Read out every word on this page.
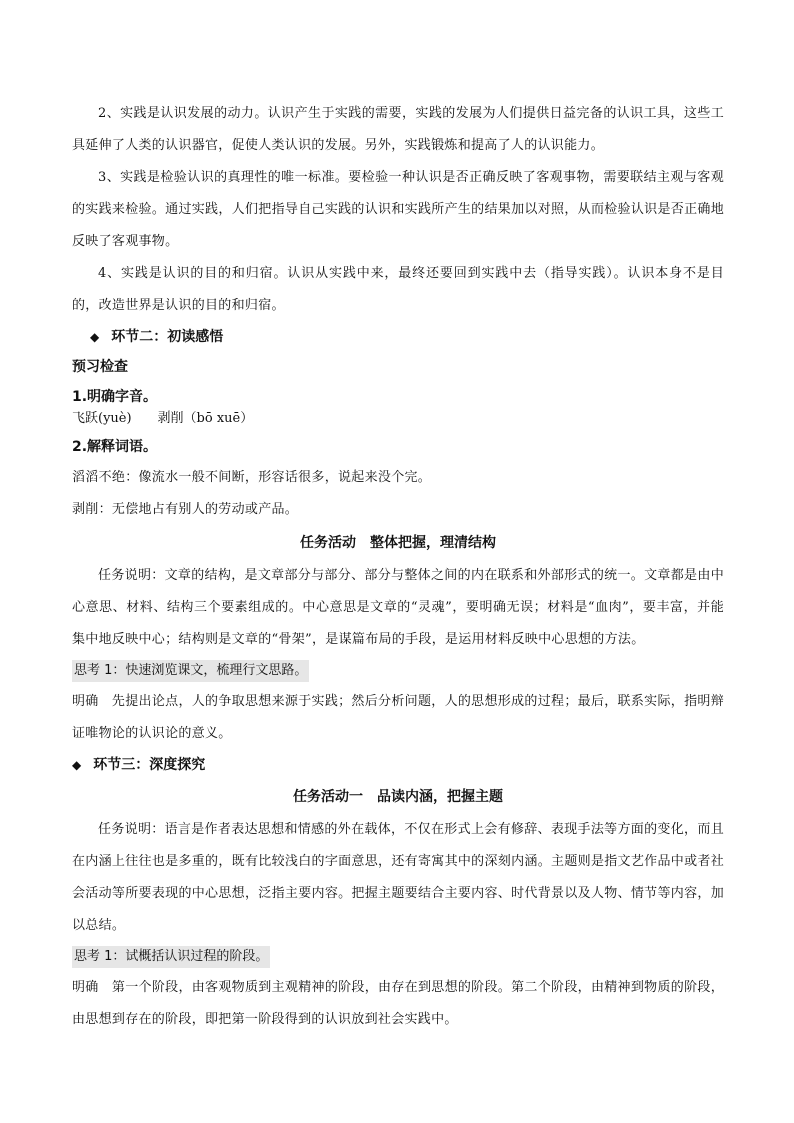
2、实践是认识发展的动力。认识产生于实践的需要，实践的发展为人们提供日益完备的认识工具，这些工具延伸了人类的认识器官，促使人类认识的发展。另外，实践锻炼和提高了人的认识能力。

3、实践是检验认识的真理性的唯一标准。要检验一种认识是否正确反映了客观事物，需要联结主观与客观的实践来检验。通过实践，人们把指导自己实践的认识和实践所产生的结果加以对照，从而检验认识是否正确地反映了客观事物。

4、实践是认识的目的和归宿。认识从实践中来，最终还要回到实践中去（指导实践）。认识本身不是目的，改造世界是认识的目的和归宿。

◆ 环节二：初读感悟
预习检查
1.明确字音。

飞跃(yuè)　　剥削（bō xuē）

2.解释词语。

滔滔不绝：像流水一般不间断，形容话很多，说起来没个完。

剥削：无偿地占有别人的劳动或产品。

任务活动　整体把握，理清结构

任务说明：文章的结构，是文章部分与部分、部分与整体之间的内在联系和外部形式的统一。文章都是由中心意思、材料、结构三个要素组成的。中心意思是文章的“灵魂”，要明确无误；材料是“血肉”，要丰富，并能集中地反映中心；结构则是文章的“骨架”，是谋篇布局的手段，是运用材料反映中心思想的方法。

思考 1：快速浏览课文，梳理行文思路。

明确　先提出论点，人的争取思想来源于实践；然后分析问题，人的思想形成的过程；最后，联系实际，指明辩证唯物论的认识论的意义。

◆ 环节三：深度探究
任务活动一　品读内涵，把握主题

任务说明：语言是作者表达思想和情感的外在载体，不仅在形式上会有修辞、表现手法等方面的变化，而且在内涵上往往也是多重的，既有比较浅白的字面意思，还有寄寓其中的深刻内涵。主题则是指文艺作品中或者社会活动等所要表现的中心思想，泛指主要内容。把握主题要结合主要内容、时代背景以及人物、情节等内容，加以总结。

思考 1：试概括认识过程的阶段。

明确　第一个阶段，由客观物质到主观精神的阶段，由存在到思想的阶段。第二个阶段，由精神到物质的阶段，由思想到存在的阶段，即把第一阶段得到的认识放到社会实践中。
